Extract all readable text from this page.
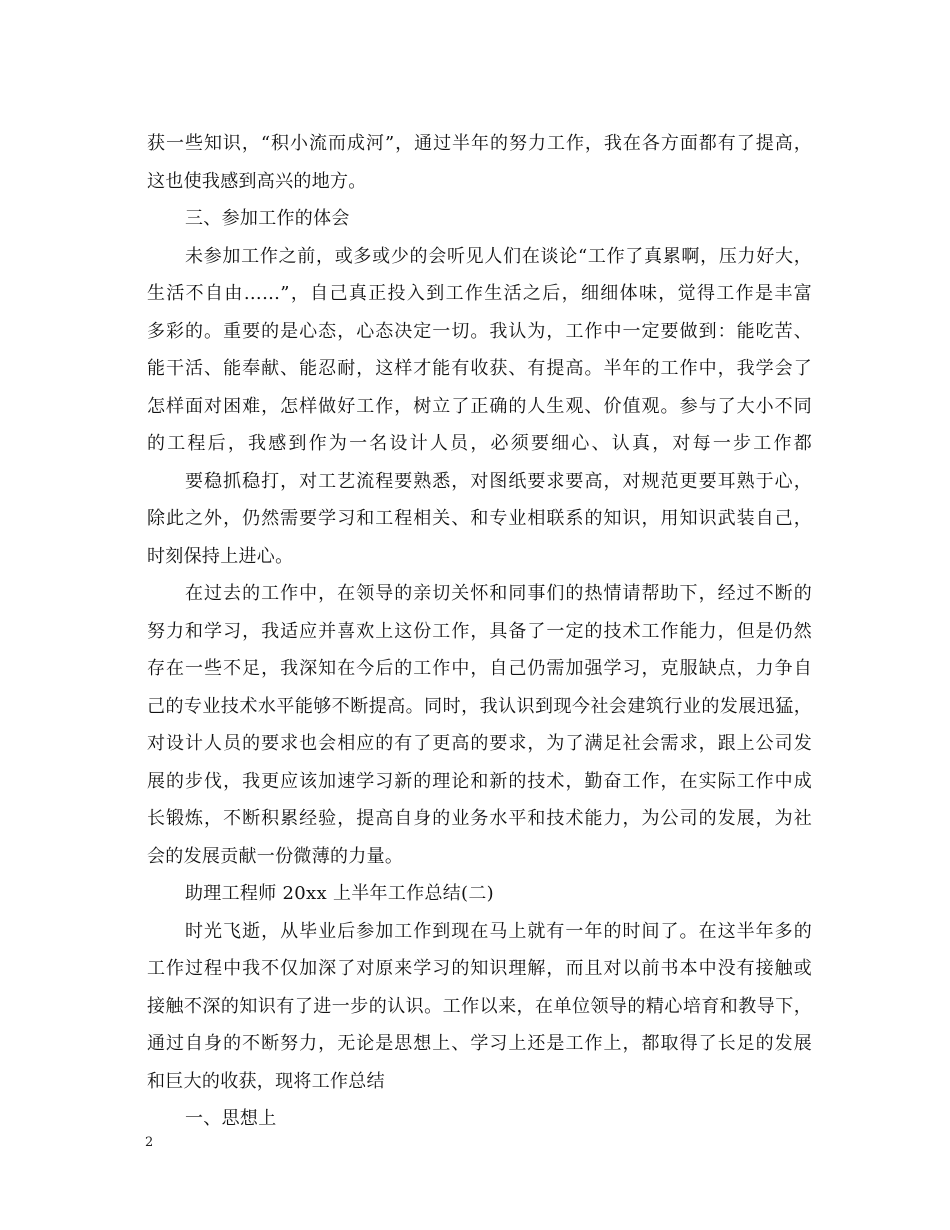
获一些知识，“积小流而成河”，通过半年的努力工作，我在各方面都有了提高，
这也使我感到高兴的地方。
三、参加工作的体会
未参加工作之前，或多或少的会听见人们在谈论“工作了真累啊，压力好大，
生活不自由……”，自己真正投入到工作生活之后，细细体味，觉得工作是丰富
多彩的。重要的是心态，心态决定一切。我认为，工作中一定要做到：能吃苦、
能干活、能奉献、能忍耐，这样才能有收获、有提高。半年的工作中，我学会了
怎样面对困难，怎样做好工作，树立了正确的人生观、价值观。参与了大小不同
的工程后，我感到作为一名设计人员，必须要细心、认真，对每一步工作都
要稳抓稳打，对工艺流程要熟悉，对图纸要求要高，对规范更要耳熟于心，
除此之外，仍然需要学习和工程相关、和专业相联系的知识，用知识武装自己，
时刻保持上进心。
在过去的工作中，在领导的亲切关怀和同事们的热情请帮助下，经过不断的
努力和学习，我适应并喜欢上这份工作，具备了一定的技术工作能力，但是仍然
存在一些不足，我深知在今后的工作中，自己仍需加强学习，克服缺点，力争自
己的专业技术水平能够不断提高。同时，我认识到现今社会建筑行业的发展迅猛，
对设计人员的要求也会相应的有了更高的要求，为了满足社会需求，跟上公司发
展的步伐，我更应该加速学习新的理论和新的技术，勤奋工作，在实际工作中成
长锻炼，不断积累经验，提高自身的业务水平和技术能力，为公司的发展，为社
会的发展贡献一份微薄的力量。
助理工程师 20xx 上半年工作总结(二)
时光飞逝，从毕业后参加工作到现在马上就有一年的时间了。在这半年多的
工作过程中我不仅加深了对原来学习的知识理解，而且对以前书本中没有接触或
接触不深的知识有了进一步的认识。工作以来，在单位领导的精心培育和教导下，
通过自身的不断努力，无论是思想上、学习上还是工作上，都取得了长足的发展
和巨大的收获，现将工作总结
一、思想上
2
